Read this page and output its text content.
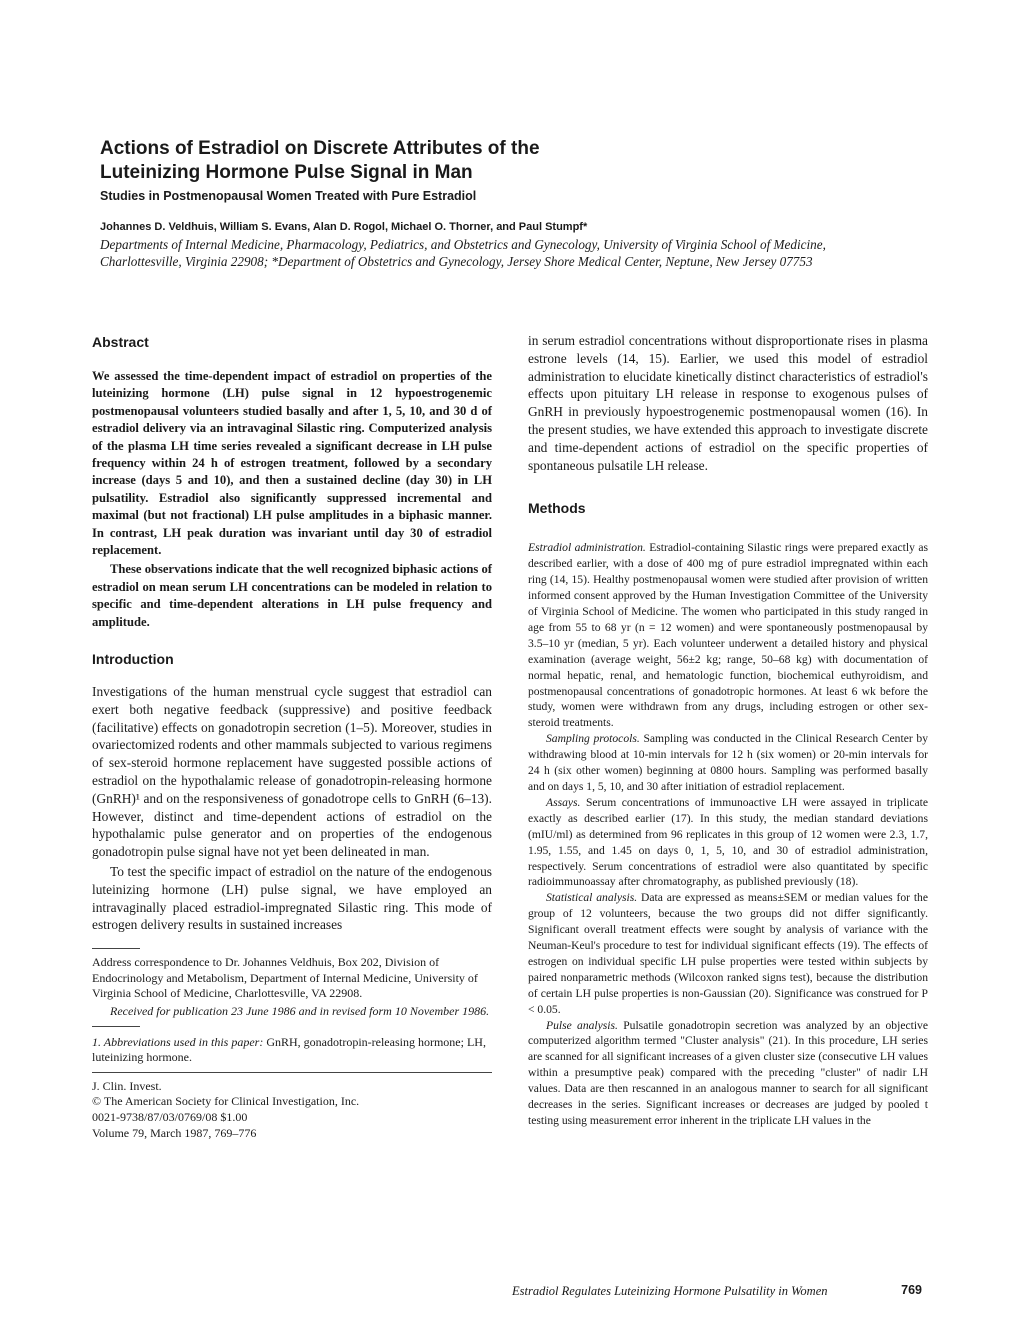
Actions of Estradiol on Discrete Attributes of the
Luteinizing Hormone Pulse Signal in Man

Studies in Postmenopausal Women Treated with Pure Estradiol

Johannes D. Veldhuis, William S. Evans, Alan D. Rogol, Michael O. Thorner, and Paul Stumpf*

Departments of Internal Medicine, Pharmacology, Pediatrics, and Obstetrics and Gynecology, University of Virginia School of Medicine,
Charlottesville, Virginia 22908; *Department of Obstetrics and Gynecology, Jersey Shore Medical Center, Neptune, New Jersey 07753

Abstract

We assessed the time-dependent impact of estradiol on properties of the luteinizing hormone (LH) pulse signal in 12 hypoestrogenemic postmenopausal volunteers studied basally and after 1, 5, 10, and 30 d of estradiol delivery via an intravaginal Silastic ring. Computerized analysis of the plasma LH time series revealed a significant decrease in LH pulse frequency within 24 h of estrogen treatment, followed by a secondary increase (days 5 and 10), and then a sustained decline (day 30) in LH pulsatility. Estradiol also significantly suppressed incremental and maximal (but not fractional) LH pulse amplitudes in a biphasic manner. In contrast, LH peak duration was invariant until day 30 of estradiol replacement.

These observations indicate that the well recognized biphasic actions of estradiol on mean serum LH concentrations can be modeled in relation to specific and time-dependent alterations in LH pulse frequency and amplitude.

Introduction

Investigations of the human menstrual cycle suggest that estradiol can exert both negative feedback (suppressive) and positive feedback (facilitative) effects on gonadotropin secretion (1–5). Moreover, studies in ovariectomized rodents and other mammals subjected to various regimens of sex-steroid hormone replacement have suggested possible actions of estradiol on the hypothalamic release of gonadotropin-releasing hormone (GnRH)¹ and on the responsiveness of gonadotrope cells to GnRH (6–13). However, distinct and time-dependent actions of estradiol on the hypothalamic pulse generator and on properties of the endogenous gonadotropin pulse signal have not yet been delineated in man.

To test the specific impact of estradiol on the nature of the endogenous luteinizing hormone (LH) pulse signal, we have employed an intravaginally placed estradiol-impregnated Silastic ring. This mode of estrogen delivery results in sustained increases

Address correspondence to Dr. Johannes Veldhuis, Box 202, Division of Endocrinology and Metabolism, Department of Internal Medicine, University of Virginia School of Medicine, Charlottesville, VA 22908.

Received for publication 23 June 1986 and in revised form 10 November 1986.

1. Abbreviations used in this paper: GnRH, gonadotropin-releasing hormone; LH, luteinizing hormone.

J. Clin. Invest.

© The American Society for Clinical Investigation, Inc.

0021-9738/87/03/0769/08 $1.00

Volume 79, March 1987, 769–776

in serum estradiol concentrations without disproportionate rises in plasma estrone levels (14, 15). Earlier, we used this model of estradiol administration to elucidate kinetically distinct characteristics of estradiol's effects upon pituitary LH release in response to exogenous pulses of GnRH in previously hypoestrogenemic postmenopausal women (16). In the present studies, we have extended this approach to investigate discrete and time-dependent actions of estradiol on the specific properties of spontaneous pulsatile LH release.

Methods

Estradiol administration. Estradiol-containing Silastic rings were prepared exactly as described earlier, with a dose of 400 mg of pure estradiol impregnated within each ring (14, 15). Healthy postmenopausal women were studied after provision of written informed consent approved by the Human Investigation Committee of the University of Virginia School of Medicine. The women who participated in this study ranged in age from 55 to 68 yr (n = 12 women) and were spontaneously postmenopausal by 3.5–10 yr (median, 5 yr). Each volunteer underwent a detailed history and physical examination (average weight, 56±2 kg; range, 50–68 kg) with documentation of normal hepatic, renal, and hematologic function, biochemical euthyroidism, and postmenopausal concentrations of gonadotropic hormones. At least 6 wk before the study, women were withdrawn from any drugs, including estrogen or other sex-steroid treatments.

Sampling protocols. Sampling was conducted in the Clinical Research Center by withdrawing blood at 10-min intervals for 12 h (six women) or 20-min intervals for 24 h (six other women) beginning at 0800 hours. Sampling was performed basally and on days 1, 5, 10, and 30 after initiation of estradiol replacement.

Assays. Serum concentrations of immunoactive LH were assayed in triplicate exactly as described earlier (17). In this study, the median standard deviations (mIU/ml) as determined from 96 replicates in this group of 12 women were 2.3, 1.7, 1.95, 1.55, and 1.45 on days 0, 1, 5, 10, and 30 of estradiol administration, respectively. Serum concentrations of estradiol were also quantitated by specific radioimmunoassay after chromatography, as published previously (18).

Statistical analysis. Data are expressed as means±SEM or median values for the group of 12 volunteers, because the two groups did not differ significantly. Significant overall treatment effects were sought by analysis of variance with the Neuman-Keul's procedure to test for individual significant effects (19). The effects of estrogen on individual specific LH pulse properties were tested within subjects by paired nonparametric methods (Wilcoxon ranked signs test), because the distribution of certain LH pulse properties is non-Gaussian (20). Significance was construed for P < 0.05.

Pulse analysis. Pulsatile gonadotropin secretion was analyzed by an objective computerized algorithm termed "Cluster analysis" (21). In this procedure, LH series are scanned for all significant increases of a given cluster size (consecutive LH values within a presumptive peak) compared with the preceding "cluster" of nadir LH values. Data are then rescanned in an analogous manner to search for all significant decreases in the series. Significant increases or decreases are judged by pooled t testing using measurement error inherent in the triplicate LH values in the

Estradiol Regulates Luteinizing Hormone Pulsatility in Women	769
